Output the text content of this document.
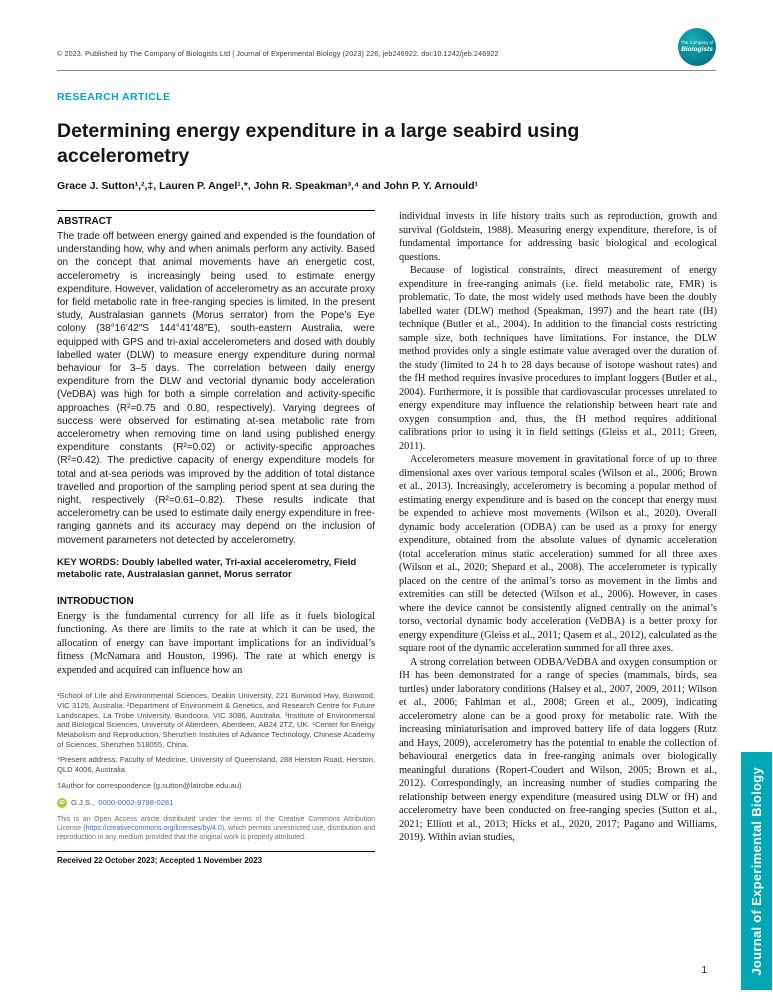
© 2023. Published by The Company of Biologists Ltd | Journal of Experimental Biology (2023) 226, jeb246922. doi:10.1242/jeb.246922
The Company of
Biologists
RESEARCH ARTICLE
Determining energy expenditure in a large seabird using accelerometry
Grace J. Sutton¹,²,‡, Lauren P. Angel¹,*, John R. Speakman³,⁴ and John P. Y. Arnould¹
ABSTRACT

The trade off between energy gained and expended is the foundation of understanding how, why and when animals perform any activity. Based on the concept that animal movements have an energetic cost, accelerometry is increasingly being used to estimate energy expenditure. However, validation of accelerometry as an accurate proxy for field metabolic rate in free-ranging species is limited. In the present study, Australasian gannets (Morus serrator) from the Pope’s Eye colony (38°16′42″S 144°41′48″E), south-eastern Australia, were equipped with GPS and tri-axial accelerometers and dosed with doubly labelled water (DLW) to measure energy expenditure during normal behaviour for 3–5 days. The correlation between daily energy expenditure from the DLW and vectorial dynamic body acceleration (VeDBA) was high for both a simple correlation and activity-specific approaches (R²=0.75 and 0.80, respectively). Varying degrees of success were observed for estimating at-sea metabolic rate from accelerometry when removing time on land using published energy expenditure constants (R²=0.02) or activity-specific approaches (R²=0.42). The predictive capacity of energy expenditure models for total and at-sea periods was improved by the addition of total distance travelled and proportion of the sampling period spent at sea during the night, respectively (R²=0.61–0.82). These results indicate that accelerometry can be used to estimate daily energy expenditure in free-ranging gannets and its accuracy may depend on the inclusion of movement parameters not detected by accelerometry.

KEY WORDS: Doubly labelled water, Tri-axial accelerometry, Field metabolic rate, Australasian gannet, Morus serrator

INTRODUCTION

Energy is the fundamental currency for all life as it fuels biological functioning. As there are limits to the rate at which it can be used, the allocation of energy can have important implications for an individual’s fitness (McNamara and Houston, 1996). The rate at which energy is expended and acquired can influence how an

¹School of Life and Environmental Sciences, Deakin University, 221 Burwood Hwy, Burwood, VIC 3125, Australia. ²Department of Environment & Genetics, and Research Centre for Future Landscapes, La Trobe University, Bundoora, VIC 3086, Australia. ³Institute of Environmental and Biological Sciences, University of Aberdeen, Aberdeen, AB24 2TZ, UK. ⁴Center for Energy Metabolism and Reproduction, Shenzhen Institutes of Advance Technology, Chinese Academy of Sciences, Shenzhen 518055, China.
*Present address: Faculty of Medicine, University of Queensland, 288 Herston Road, Herston, QLD 4006, Australia.
‡Author for correspondence (g.sutton@latrobe.edu.au)
iD G.J.S., 0000-0002-9798-0281
This is an Open Access article distributed under the terms of the Creative Commons Attribution License (https://creativecommons.org/licenses/by/4.0), which permits unrestricted use, distribution and reproduction in any medium provided that the original work is properly attributed.
Received 22 October 2023; Accepted 1 November 2023

individual invests in life history traits such as reproduction, growth and survival (Goldstein, 1988). Measuring energy expenditure, therefore, is of fundamental importance for addressing basic biological and ecological questions.

Because of logistical constraints, direct measurement of energy expenditure in free-ranging animals (i.e. field metabolic rate, FMR) is problematic. To date, the most widely used methods have been the doubly labelled water (DLW) method (Speakman, 1997) and the heart rate (fH) technique (Butler et al., 2004). In addition to the financial costs restricting sample size, both techniques have limitations. For instance, the DLW method provides only a single estimate value averaged over the duration of the study (limited to 24 h to 28 days because of isotope washout rates) and the fH method requires invasive procedures to implant loggers (Butler et al., 2004). Furthermore, it is possible that cardiovascular processes unrelated to energy expenditure may influence the relationship between heart rate and oxygen consumption and, thus, the fH method requires additional calibrations prior to using it in field settings (Gleiss et al., 2011; Green, 2011).

Accelerometers measure movement in gravitational force of up to three dimensional axes over various temporal scales (Wilson et al., 2006; Brown et al., 2013). Increasingly, accelerometry is becoming a popular method of estimating energy expenditure and is based on the concept that energy must be expended to achieve most movements (Wilson et al., 2020). Overall dynamic body acceleration (ODBA) can be used as a proxy for energy expenditure, obtained from the absolute values of dynamic acceleration (total acceleration minus static acceleration) summed for all three axes (Wilson et al., 2020; Shepard et al., 2008). The accelerometer is typically placed on the centre of the animal’s torso as movement in the limbs and extremities can still be detected (Wilson et al., 2006). However, in cases where the device cannot be consistently aligned centrally on the animal’s torso, vectorial dynamic body acceleration (VeDBA) is a better proxy for energy expenditure (Gleiss et al., 2011; Qasem et al., 2012), calculated as the square root of the dynamic acceleration summed for all three axes.

A strong correlation between ODBA/VeDBA and oxygen consumption or fH has been demonstrated for a range of species (mammals, birds, sea turtles) under laboratory conditions (Halsey et al., 2007, 2009, 2011; Wilson et al., 2006; Fahlman et al., 2008; Green et al., 2009), indicating accelerometry alone can be a good proxy for metabolic rate. With the increasing miniaturisation and improved battery life of data loggers (Rutz and Hays, 2009), accelerometry has the potential to enable the collection of behavioural energetics data in free-ranging animals over biologically meaningful durations (Ropert-Coudert and Wilson, 2005; Brown et al., 2012). Correspondingly, an increasing number of studies comparing the relationship between energy expenditure (measured using DLW or fH) and accelerometry have been conducted on free-ranging species (Sutton et al., 2021; Elliott et al., 2013; Hicks et al., 2020, 2017; Pagano and Williams, 2019). Within avian studies,	Journal of Experimental Biology
1
